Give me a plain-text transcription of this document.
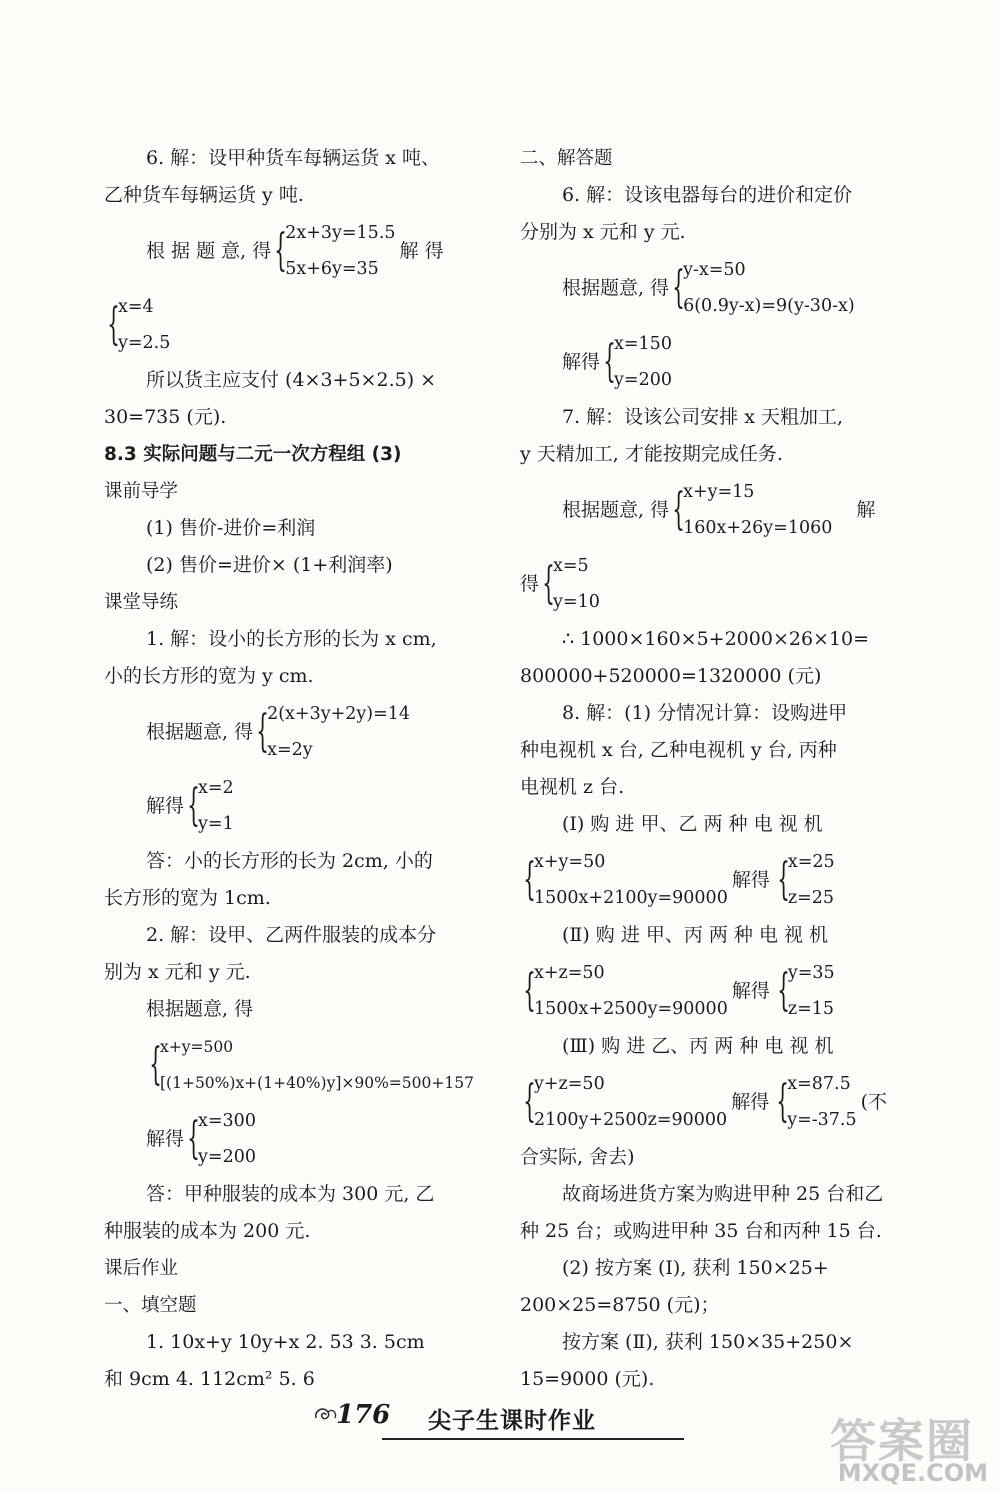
6. 解：设甲种货车每辆运货 x 吨、
乙种货车每辆运货 y 吨.
根 据 题 意, 得 {
2x+3y=15.5
5x+6y=35
解 得
{
x=4
y=2.5
所以货主应支付 (4×3+5×2.5) ×
30=735 (元).
8.3 实际问题与二元一次方程组 (3)
课前导学
(1) 售价-进价=利润
(2) 售价=进价× (1+利润率)
课堂导练
1. 解：设小的长方形的长为 x cm,
小的长方形的宽为 y cm.
根据题意, 得 {
2(x+3y+2y)=14
x=2y
解得 {
x=2
y=1
答：小的长方形的长为 2cm, 小的
长方形的宽为 1cm.
2. 解：设甲、乙两件服装的成本分
别为 x 元和 y 元.
根据题意, 得
{
x+y=500
[(1+50%)x+(1+40%)y]×90%=500+157
解得 {
x=300
y=200
答：甲种服装的成本为 300 元, 乙
种服装的成本为 200 元.
课后作业
一、填空题
1. 10x+y 10y+x 2. 53 3. 5cm
和 9cm 4. 112cm² 5. 6
二、解答题
6. 解：设该电器每台的进价和定价
分别为 x 元和 y 元.
根据题意, 得 {
y-x=50
6(0.9y-x)=9(y-30-x)
解得 {
x=150
y=200
7. 解：设该公司安排 x 天粗加工,
y 天精加工, 才能按期完成任务.
根据题意, 得 {
x+y=15
160x+26y=1060
解
得 {
x=5
y=10
∴ 1000×160×5+2000×26×10=
800000+520000=1320000 (元)
8. 解：(1) 分情况计算：设购进甲
种电视机 x 台, 乙种电视机 y 台, 丙种
电视机 z 台.
(Ⅰ) 购 进 甲、乙 两 种 电 视 机
{
x+y=50
1500x+2100y=90000
解得 {
x=25
z=25
(Ⅱ) 购 进 甲、丙 两 种 电 视 机
{
x+z=50
1500x+2500y=90000
解得 {
y=35
z=15
(Ⅲ) 购 进 乙、丙 两 种 电 视 机
{
y+z=50
2100y+2500z=90000
解得 {
x=87.5
y=-37.5
(不
合实际, 舍去)
故商场进货方案为购进甲种 25 台和乙
种 25 台；或购进甲种 35 台和丙种 15 台.
(2) 按方案 (Ⅰ), 获利 150×25+
200×25=8750 (元)；
按方案 (Ⅱ), 获利 150×35+250×
15=9000 (元).
176 尖子生课时作业	答案圈
MXQE.COM
